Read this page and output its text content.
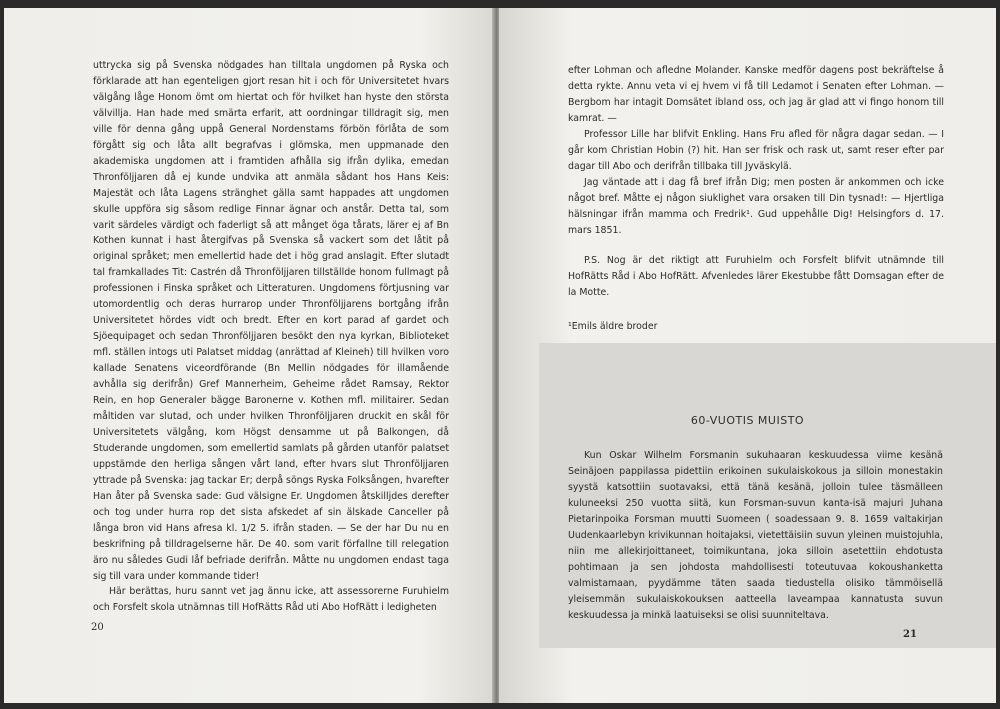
uttrycka sig på Svenska nödgades han tilltala ungdomen på Ryska och förklarade att han egenteligen gjort resan hit i och för Universitetet hvars välgång låge Honom ömt om hiertat och för hvilket han hyste den största välvillja. Han hade med smärta erfarit, att oordningar tilldragit sig, men ville för denna gång uppå General Nordenstams förbön förlåta de som förgått sig och låta allt begrafvas i glömska, men uppmanade den akademiska ungdomen att i framtiden afhålla sig ifrån dylika, emedan Thronföljjaren då ej kunde undvika att anmäla sådant hos Hans Keis: Majestät och låta Lagens stränghet gälla samt happades att ungdomen skulle uppföra sig såsom redlige Finnar ägnar och anstår. Detta tal, som varit särdeles värdigt och faderligt så att månget öga tårats, lärer ej af Bn Kothen kunnat i hast återgifvas på Svenska så vackert som det låtit på original språket; men emellertid hade det i hög grad anslagit. Efter slutadt tal framkallades Tit: Castrén då Thronföljjaren tillställde honom fullmagt på professionen i Finska språket och Litteraturen. Ungdomens förtjusning var utomordentlig och deras hurrarop under Thronföljjarens bortgång ifrån Universitetet hördes vidt och bredt. Efter en kort parad af gardet och Sjöequipaget och sedan Thronföljjaren besökt den nya kyrkan, Biblioteket mfl. ställen intogs uti Palatset middag (anrättad af Kleineh) till hvilken voro kallade Senatens viceordförande (Bn Mellin nödgades för illamående avhålla sig derifrån) Gref Mannerheim, Geheime rådet Ramsay, Rektor Rein, en hop Generaler bägge Baronerne v. Kothen mfl. militairer. Sedan måltiden var slutad, och under hvilken Thronföljjaren druckit en skål för Universitetets välgång, kom Högst densamme ut på Balkongen, då Studerande ungdomen, som emellertid samlats på gården utanför palatset uppstämde den herliga sången vårt land, efter hvars slut Thronföljjaren yttrade på Svenska: jag tackar Er; derpå söngs Ryska Folksången, hvarefter Han åter på Svenska sade: Gud välsigne Er. Ungdomen åtskilljdes derefter och tog under hurra rop det sista afskedet af sin älskade Canceller på långa bron vid Hans afresa kl. 1/2 5. ifrån staden. — Se der har Du nu en beskrifning på tilldragelserne här. De 40. som varit förfallne till relegation äro nu således Gudi låf befriade derifrån. Måtte nu ungdomen endast taga sig till vara under kommande tider!

Här berättas, huru sannt vet jag ännu icke, att assessorerne Furuhielm och Forsfelt skola utnämnas till HofRätts Råd uti Abo HofRätt i ledigheten

20

efter Lohman och afledne Molander. Kanske medför dagens post bekräftelse å detta rykte. Annu veta vi ej hvem vi få till Ledamot i Senaten efter Lohman. — Bergbom har intagit Domsätet ibland oss, och jag är glad att vi fingo honom till kamrat. —

Professor Lille har blifvit Enkling. Hans Fru afled för några dagar sedan. — I går kom Christian Hobin (?) hit. Han ser frisk och rask ut, samt reser efter par dagar till Abo och derifrån tillbaka till Jyväskylä.

Jag väntade att i dag få bref ifrån Dig; men posten är ankommen och icke något bref. Måtte ej någon siuklighet vara orsaken till Din tysnad!: — Hjertliga hälsningar ifrån mamma och Fredrik¹. Gud uppehålle Dig! Helsingfors d. 17. mars 1851.

P.S. Nog är det riktigt att Furuhielm och Forsfelt blifvit utnämnde till HofRätts Råd i Abo HofRätt. Afvenledes lärer Ekestubbe fått Domsagan efter de la Motte.

¹Emils äldre broder

60-VUOTIS MUISTO

Kun Oskar Wilhelm Forsmanin sukuhaaran keskuudessa viime kesänä Seinäjoen pappilassa pidettiin erikoinen sukulaiskokous ja silloin monestakin syystä katsottiin suotavaksi, että tänä kesänä, jolloin tulee täsmälleen kuluneeksi 250 vuotta siitä, kun Forsman-suvun kanta-isä majuri Juhana Pietarinpoika Forsman muutti Suomeen ( soadessaan 9. 8. 1659 valtakirjan Uudenkaarlebyn krivikunnan hoitajaksi, vietettäisiin suvun yleinen muistojuhla, niin me allekirjoittaneet, toimikuntana, joka silloin asetettiin ehdotusta pohtimaan ja sen johdosta mahdollisesti toteutuvaa kokoushanketta valmistamaan, pyydämme täten saada tiedustella olisiko tämmöisellä yleisemmän sukulaiskokouksen aatteella laveampaa kannatusta suvun keskuudessa ja minkä laatuiseksi se olisi suunniteltava.

21
